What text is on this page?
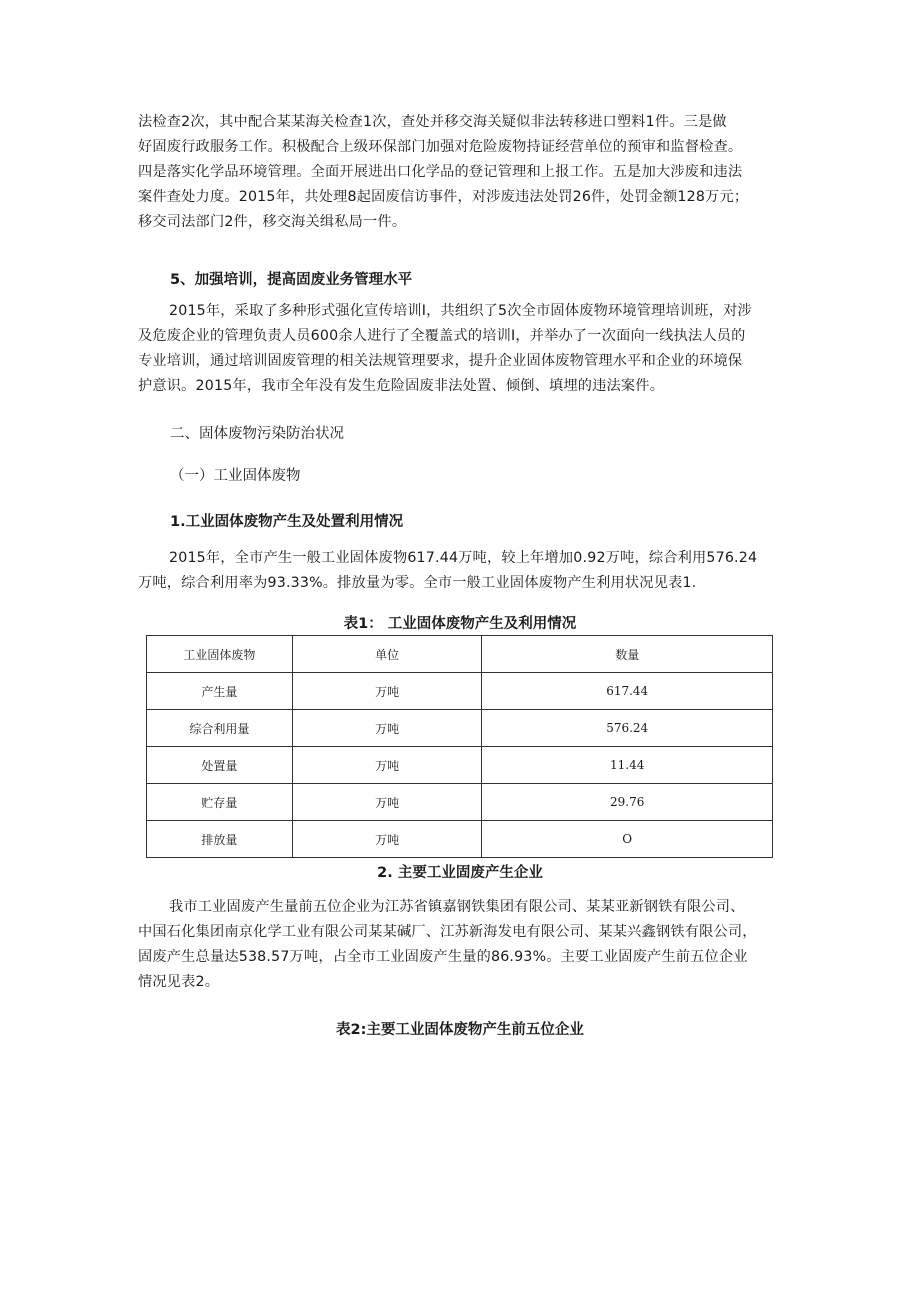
法检查2次，其中配合某某海关检查1次，查处并移交海关疑似非法转移进口塑料1件。三是做
好固废行政服务工作。积极配合上级环保部门加强对危险废物持证经营单位的预审和监督检查。
四是落实化学品环境管理。全面开展进出口化学品的登记管理和上报工作。五是加大涉废和违法
案件查处力度。2015年，共处理8起固废信访事件，对涉废违法处罚26件，处罚金额128万元；
移交司法部门2件，移交海关缉私局一件。

5、加强培训，提高固废业务管理水平

2015年，采取了多种形式强化宣传培训I，共组织了5次全市固体废物环境管理培训班，对涉
及危废企业的管理负责人员600余人进行了全覆盖式的培训I，并举办了一次面向一线执法人员的
专业培训，通过培训固废管理的相关法规管理要求，提升企业固体废物管理水平和企业的环境保
护意识。2015年，我市全年没有发生危险固废非法处置、倾倒、填埋的违法案件。

二、固体废物污染防治状况

（一）工业固体废物

1.工业固体废物产生及处置利用情况

2015年，全市产生一般工业固体废物617.44万吨，较上年增加0.92万吨，综合利用576.24
万吨，综合利用率为93.33%。排放量为零。全市一般工业固体废物产生利用状况见表1.

表1： 工业固体废物产生及利用情况

工业固体废物	单位	数量
产生量	万吨	617.44
综合利用量	万吨	576.24
处置量	万吨	11.44
贮存量	万吨	29.76
排放量	万吨	O

2. 主要工业固废产生企业

我市工业固废产生量前五位企业为江苏省镇嘉钢铁集团有限公司、某某亚新钢铁有限公司、
中国石化集团南京化学工业有限公司某某碱厂、江苏新海发电有限公司、某某兴鑫钢铁有限公司，
固废产生总量达538.57万吨，占全市工业固废产生量的86.93%。主要工业固废产生前五位企业
情况见表2。

表2:主要工业固体废物产生前五位企业
